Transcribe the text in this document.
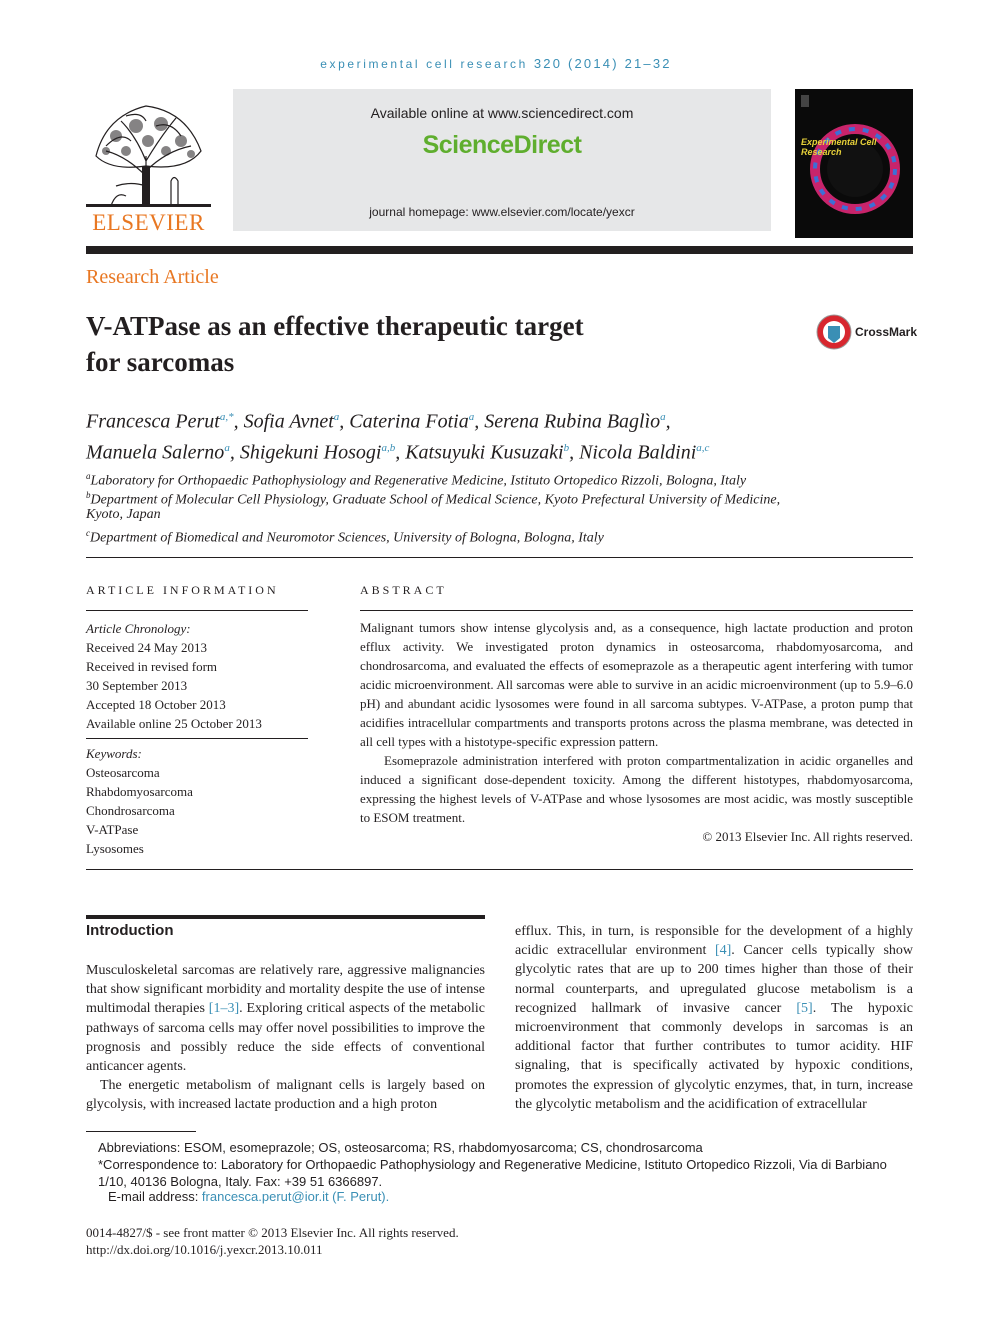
experimental cell research 320 (2014) 21–32
ELSEVIER
Available online at www.sciencedirect.com
ScienceDirect
journal homepage: www.elsevier.com/locate/yexcr
Experimental Cell Research
Research Article
V-ATPase as an effective therapeutic target
for sarcomas
CrossMark
Francesca Perut$^{a,*}$, Sofia Avnet$^a$, Caterina Fotia$^a$, Serena Rubina Baglìo$^a$,
Manuela Salerno$^a$, Shigekuni Hosogi$^{a,b}$, Katsuyuki Kusuzaki$^b$, Nicola Baldini$^{a,c}$
$^a$Laboratory for Orthopaedic Pathophysiology and Regenerative Medicine, Istituto Ortopedico Rizzoli, Bologna, Italy
$^b$Department of Molecular Cell Physiology, Graduate School of Medical Science, Kyoto Prefectural University of Medicine,
Kyoto, Japan
$^c$Department of Biomedical and Neuromotor Sciences, University of Bologna, Bologna, Italy
ARTICLE INFORMATION
Article Chronology:
Received 24 May 2013
Received in revised form
30 September 2013
Accepted 18 October 2013
Available online 25 October 2013
Keywords:
Osteosarcoma
Rhabdomyosarcoma
Chondrosarcoma
V-ATPase
Lysosomes
ABSTRACT

Malignant tumors show intense glycolysis and, as a consequence, high lactate production and proton efflux activity. We investigated proton dynamics in osteosarcoma, rhabdomyosarcoma, and chondrosarcoma, and evaluated the effects of esomeprazole as a therapeutic agent interfering with tumor acidic microenvironment. All sarcomas were able to survive in an acidic microenvironment (up to 5.9–6.0 pH) and abundant acidic lysosomes were found in all sarcoma subtypes. V-ATPase, a proton pump that acidifies intracellular compartments and transports protons across the plasma membrane, was detected in all cell types with a histotype-specific expression pattern.

Esomeprazole administration interfered with proton compartmentalization in acidic organelles and induced a significant dose-dependent toxicity. Among the different histotypes, rhabdomyosarcoma, expressing the highest levels of V-ATPase and whose lysosomes are most acidic, was mostly susceptible to ESOM treatment.

© 2013 Elsevier Inc. All rights reserved.
Introduction

Musculoskeletal sarcomas are relatively rare, aggressive malignancies that show significant morbidity and mortality despite the use of intense multimodal therapies [1–3]. Exploring critical aspects of the metabolic pathways of sarcoma cells may offer novel possibilities to improve the prognosis and possibly reduce the side effects of conventional anticancer agents.

The energetic metabolism of malignant cells is largely based on glycolysis, with increased lactate production and a high proton

efflux. This, in turn, is responsible for the development of a highly acidic extracellular environment [4]. Cancer cells typically show glycolytic rates that are up to 200 times higher than those of their normal counterparts, and upregulated glucose metabolism is a recognized hallmark of invasive cancer [5]. The hypoxic microenvironment that commonly develops in sarcomas is an additional factor that further contributes to tumor acidity. HIF signaling, that is specifically activated by hypoxic conditions, promotes the expression of glycolytic enzymes, that, in turn, increase the glycolytic metabolism and the acidification of extracellular

Abbreviations: ESOM, esomeprazole; OS, osteosarcoma; RS, rhabdomyosarcoma; CS, chondrosarcoma
*Correspondence to: Laboratory for Orthopaedic Pathophysiology and Regenerative Medicine, Istituto Ortopedico Rizzoli, Via di Barbiano 1/10, 40136 Bologna, Italy. Fax: +39 51 6366897.
E-mail address: francesca.perut@ior.it (F. Perut).
0014-4827/$ - see front matter © 2013 Elsevier Inc. All rights reserved.
http://dx.doi.org/10.1016/j.yexcr.2013.10.011
